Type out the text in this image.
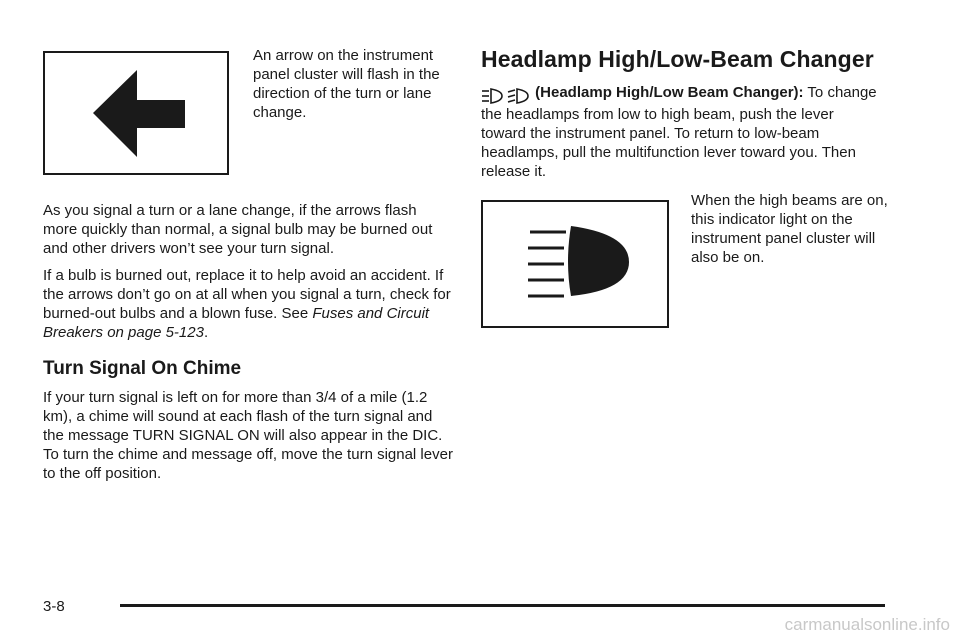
An arrow on the instrument panel cluster will flash in the direction of the turn or lane change.

As you signal a turn or a lane change, if the arrows flash more quickly than normal, a signal bulb may be burned out and other drivers won’t see your turn signal.

If a bulb is burned out, replace it to help avoid an accident. If the arrows don’t go on at all when you signal a turn, check for burned-out bulbs and a blown fuse. See Fuses and Circuit Breakers on page 5-123.

Turn Signal On Chime

If your turn signal is left on for more than 3/4 of a mile (1.2 km), a chime will sound at each flash of the turn signal and the message TURN SIGNAL ON will also appear in the DIC. To turn the chime and message off, move the turn signal lever to the off position.

Headlamp High/Low-Beam Changer

(Headlamp High/Low Beam Changer): To change the headlamps from low to high beam, push the lever toward the instrument panel. To return to low-beam headlamps, pull the multifunction lever toward you. Then release it.

When the high beams are on, this indicator light on the instrument panel cluster will also be on.

3-8
carmanualsonline.info
